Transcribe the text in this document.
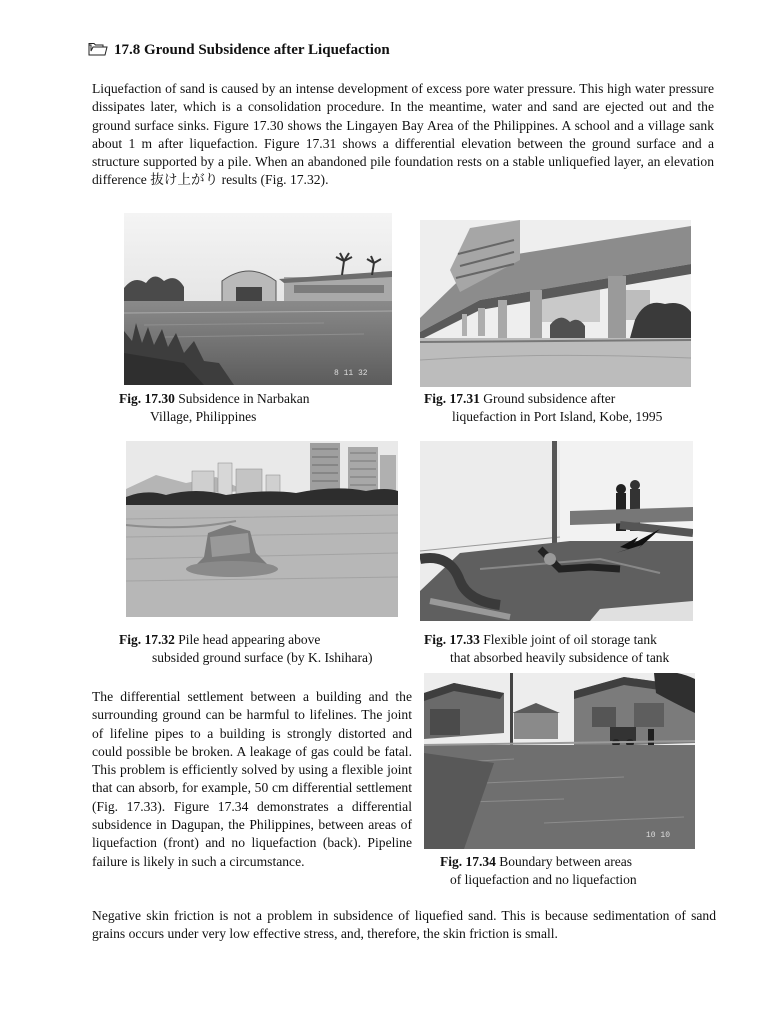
17.8 Ground Subsidence after Liquefaction
Liquefaction of sand is caused by an intense development of excess pore water pressure. This high water pressure dissipates later, which is a consolidation procedure. In the meantime, water and sand are ejected out and the ground surface sinks. Figure 17.30 shows the Lingayen Bay Area of the Philippines. A school and a village sank about 1 m after liquefaction. Figure 17.31 shows a differential elevation between the ground surface and a structure supported by a pile. When an abandoned pile foundation rests on a stable unliquefied layer, an elevation difference 抜け上がり results (Fig. 17.32).
8 11 32
Fig. 17.30 Subsidence in Narbakan
Village, Philippines
Fig. 17.31 Ground subsidence after
liquefaction in Port Island, Kobe, 1995
Fig. 17.32 Pile head appearing above
subsided ground surface (by K. Ishihara)
Fig. 17.33 Flexible joint of oil storage tank
that absorbed heavily subsidence of tank
The differential settlement between a building and the surrounding ground can be harmful to lifelines. The joint of lifeline pipes to a building is strongly distorted and could possible be broken. A leakage of gas could be fatal. This problem is efficiently solved by using a flexible joint that can absorb, for example, 50 cm differential settlement (Fig. 17.33). Figure 17.34 demonstrates a differential subsidence in Dagupan, the Philippines, between areas of liquefaction (front) and no liquefaction (back). Pipeline failure is likely in such a circumstance.
10 10
Fig. 17.34 Boundary between areas
of liquefaction and no liquefaction
Negative skin friction is not a problem in subsidence of liquefied sand. This is because sedimentation of sand grains occurs under very low effective stress, and, therefore, the skin friction is small.
